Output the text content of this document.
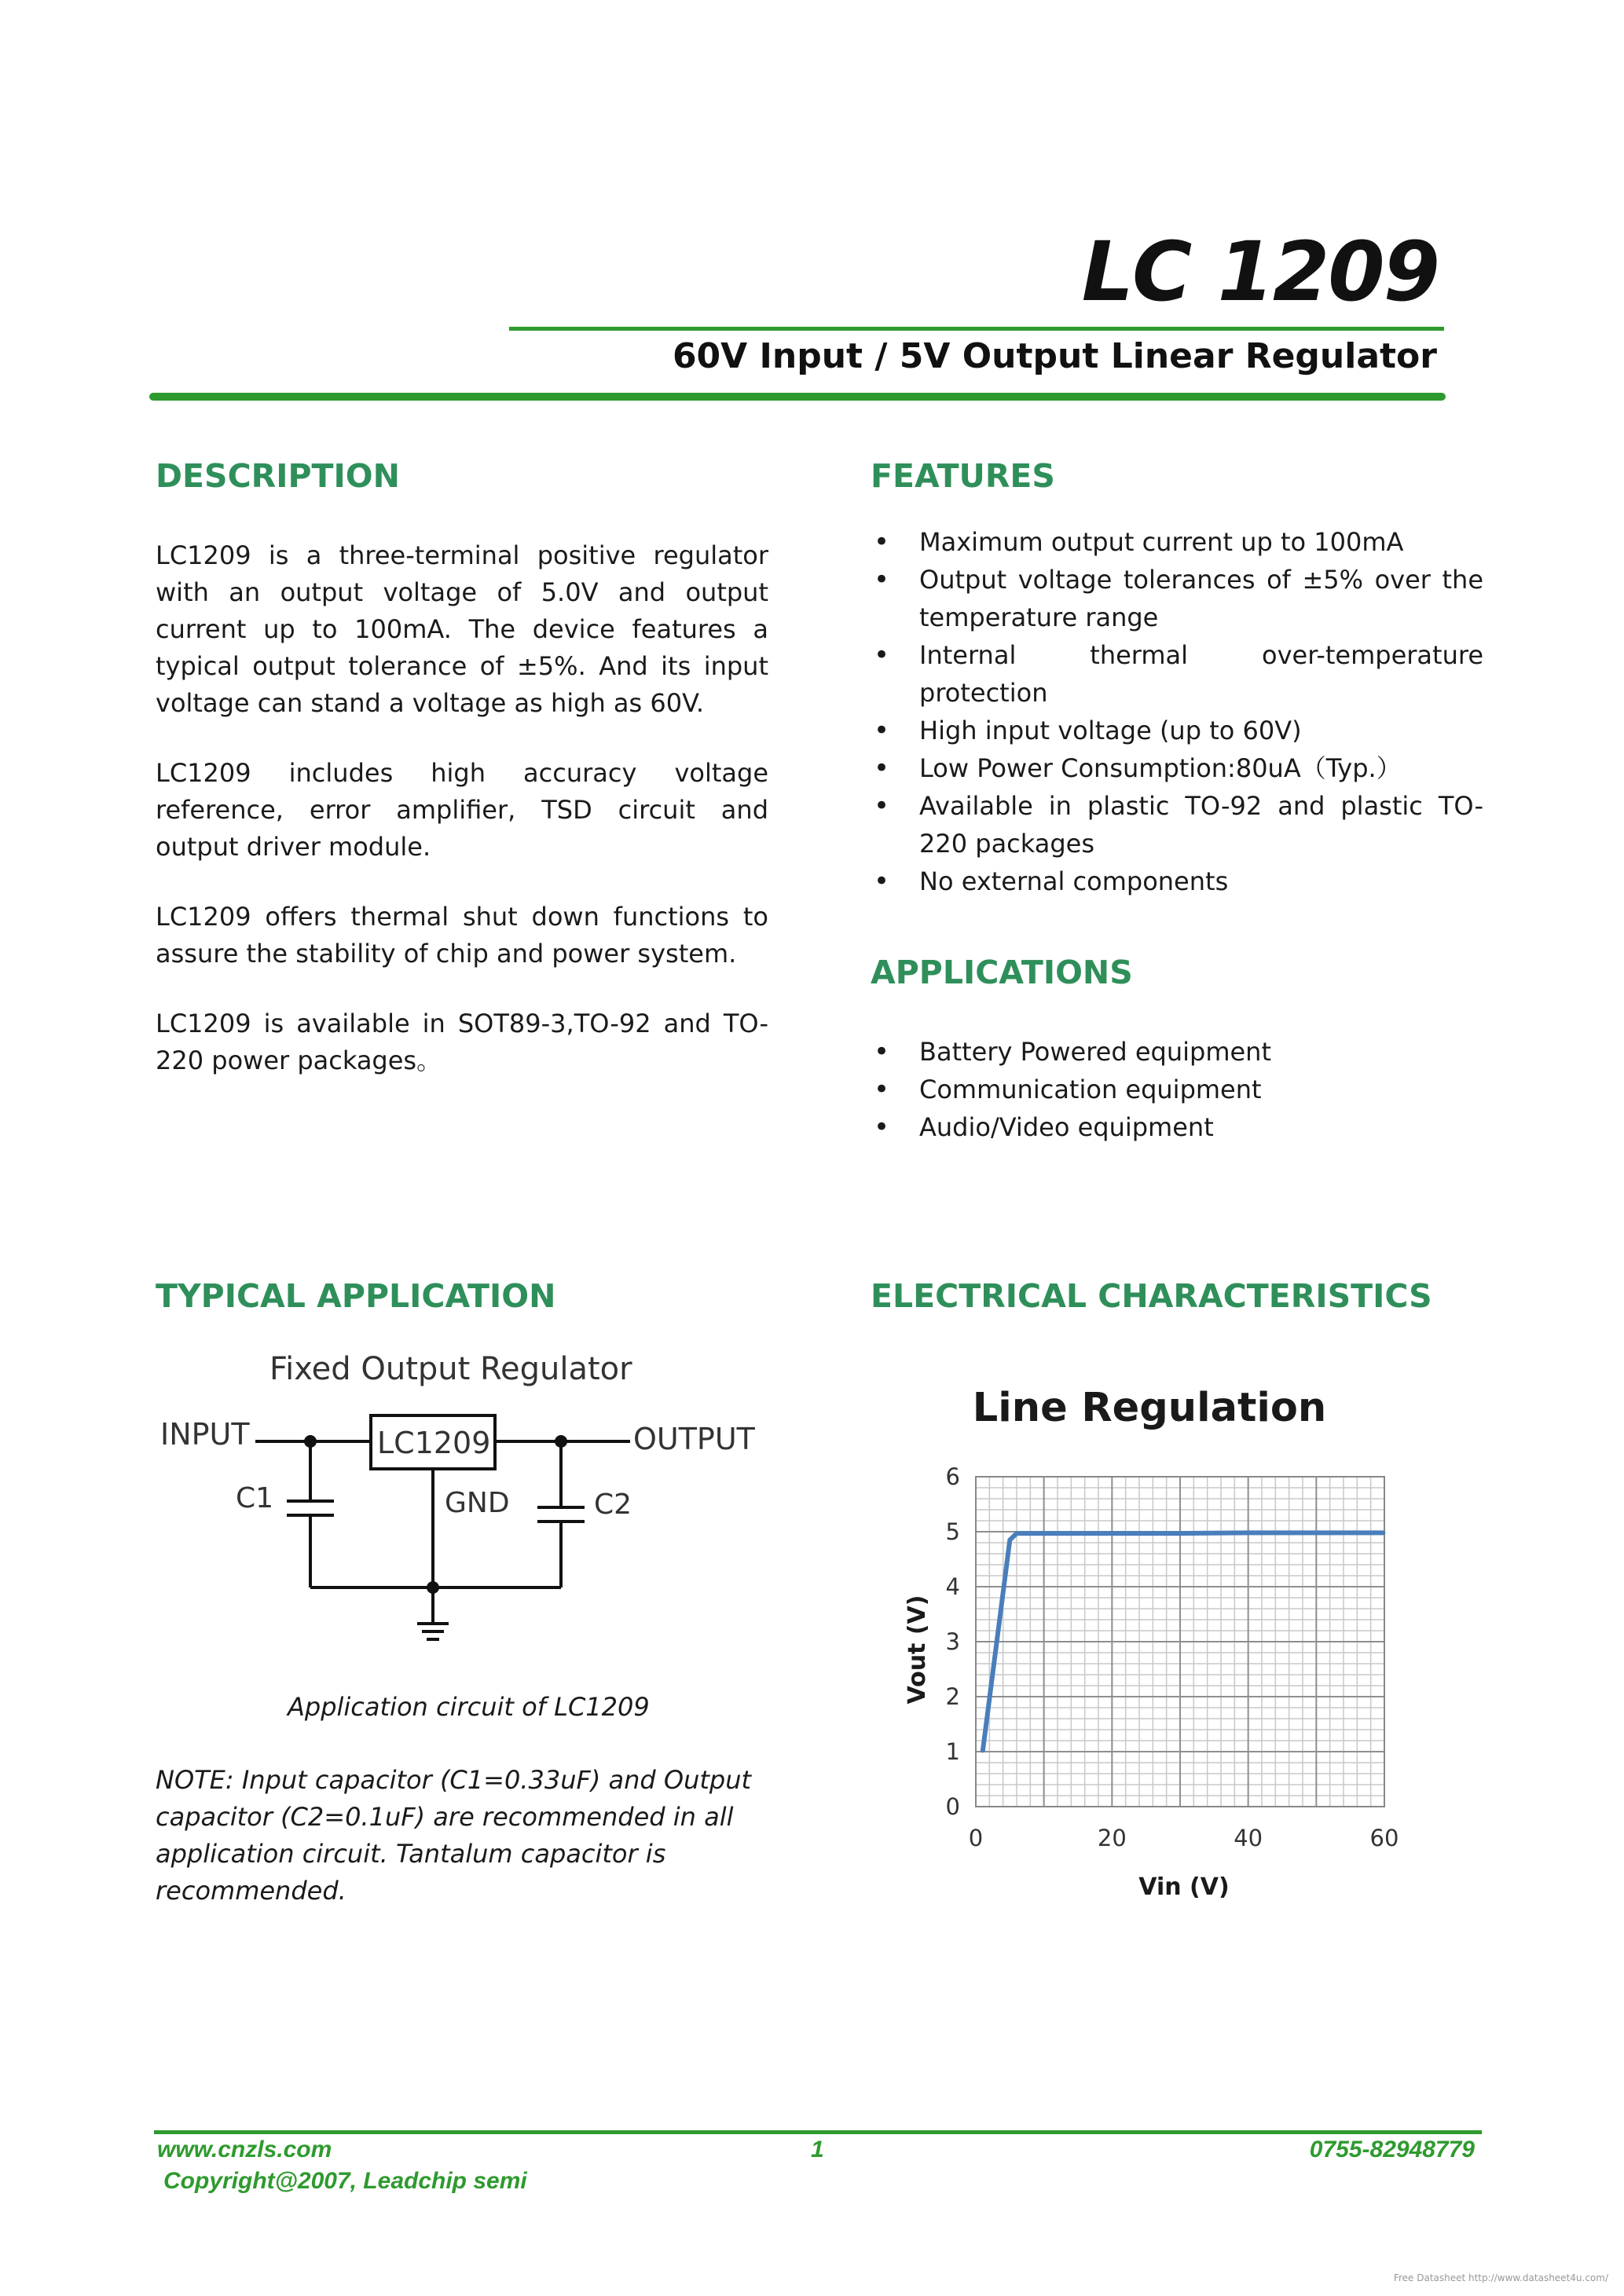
LC 1209
60V Input / 5V Output Linear Regulator
DESCRIPTION

LC1209 is a three-terminal positive regulator with an output voltage of 5.0V and output current up to 100mA. The device features a typical output tolerance of ±5%. And its input voltage can stand a voltage as high as 60V.

LC1209 includes high accuracy voltage reference, error amplifier, TSD circuit and output driver module.

LC1209 offers thermal shut down functions to assure the stability of chip and power system.

LC1209 is available in SOT89-3,TO-92 and TO-220 power packages。

FEATURES
• Maximum output current up to 100mA
• Output voltage tolerances of ±5% over the temperature range
• Internal thermal over-temperature protection
• High input voltage (up to 60V)
• Low Power Consumption:80uA（Typ.）
• Available in plastic TO-92 and plastic TO-220 packages
• No external components
APPLICATIONS
• Battery Powered equipment
• Communication equipment
• Audio/Video equipment
TYPICAL APPLICATION
Fixed Output Regulator
INPUT	OUTPUT
C1	C2
GND
LC1209
Application circuit of LC1209
NOTE: Input capacitor (C1=0.33uF) and Output capacitor (C2=0.1uF) are recommended in all application circuit. Tantalum capacitor is recommended.
ELECTRICAL CHARACTERISTICS
Line Regulation
0
1
2
3
4
5
6
0	20	40	60
Vin (V)
Vout (V)
www.cnzls.com	1	0755-82948779
Copyright@2007, Leadchip semi
Free Datasheet http://www.datasheet4u.com/
